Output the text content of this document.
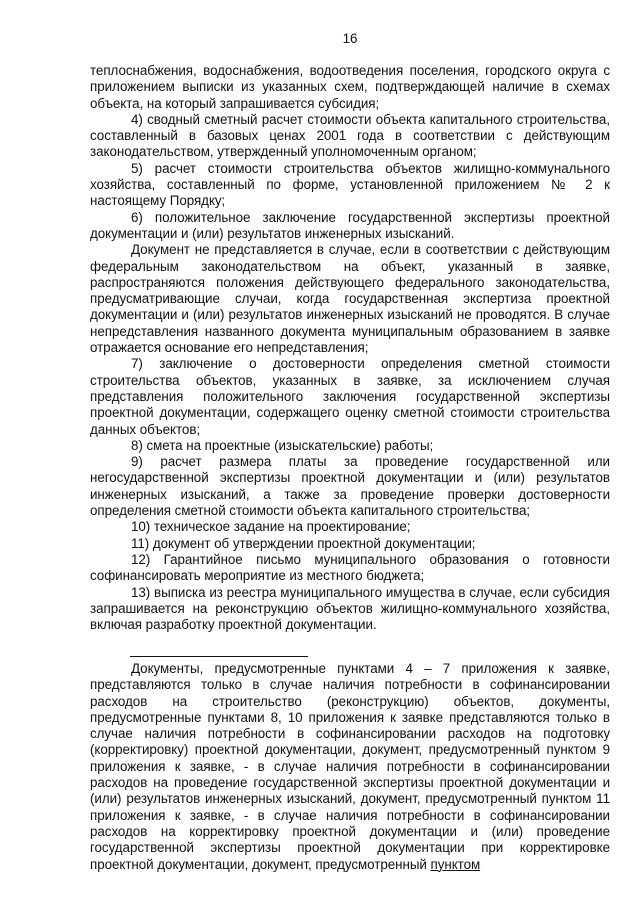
16

теплоснабжения, водоснабжения, водоотведения поселения, городского округа с приложением выписки из указанных схем, подтверждающей наличие в схемах объекта, на который запрашивается субсидия;

4) сводный сметный расчет стоимости объекта капитального строительства, составленный в базовых ценах 2001 года в соответствии с действующим законодательством, утвержденный уполномоченным органом;

5) расчет стоимости строительства объектов жилищно-коммунального хозяйства, составленный по форме, установленной приложением № 2 к настоящему Порядку;

6) положительное заключение государственной экспертизы проектной документации и (или) результатов инженерных изысканий.

Документ не представляется в случае, если в соответствии с действующим федеральным законодательством на объект, указанный в заявке, распространяются положения действующего федерального законодательства, предусматривающие случаи, когда государственная экспертиза проектной документации и (или) результатов инженерных изысканий не проводятся. В случае непредставления названного документа муниципальным образованием в заявке отражается основание его непредставления;

7) заключение о достоверности определения сметной стоимости строительства объектов, указанных в заявке, за исключением случая представления положительного заключения государственной экспертизы проектной документации, содержащего оценку сметной стоимости строительства данных объектов;

8) смета на проектные (изыскательские) работы;

9) расчет размера платы за проведение государственной или негосударственной экспертизы проектной документации и (или) результатов инженерных изысканий, а также за проведение проверки достоверности определения сметной стоимости объекта капитального строительства;

10) техническое задание на проектирование;

11) документ об утверждении проектной документации;

12) Гарантийное письмо муниципального образования о готовности софинансировать мероприятие из местного бюджета;

13) выписка из реестра муниципального имущества в случае, если субсидия запрашивается на реконструкцию объектов жилищно-коммунального хозяйства, включая разработку проектной документации.

Документы, предусмотренные пунктами 4 – 7 приложения к заявке, представляются только в случае наличия потребности в софинансировании расходов на строительство (реконструкцию) объектов, документы, предусмотренные пунктами 8, 10 приложения к заявке представляются только в случае наличия потребности в софинансировании расходов на подготовку (корректировку) проектной документации, документ, предусмотренный пунктом 9 приложения к заявке, - в случае наличия потребности в софинансировании расходов на проведение государственной экспертизы проектной документации и (или) результатов инженерных изысканий, документ, предусмотренный пунктом 11 приложения к заявке, - в случае наличия потребности в софинансировании расходов на корректировку проектной документации и (или) проведение государственной экспертизы проектной документации при корректировке проектной документации, документ, предусмотренный пунктом
